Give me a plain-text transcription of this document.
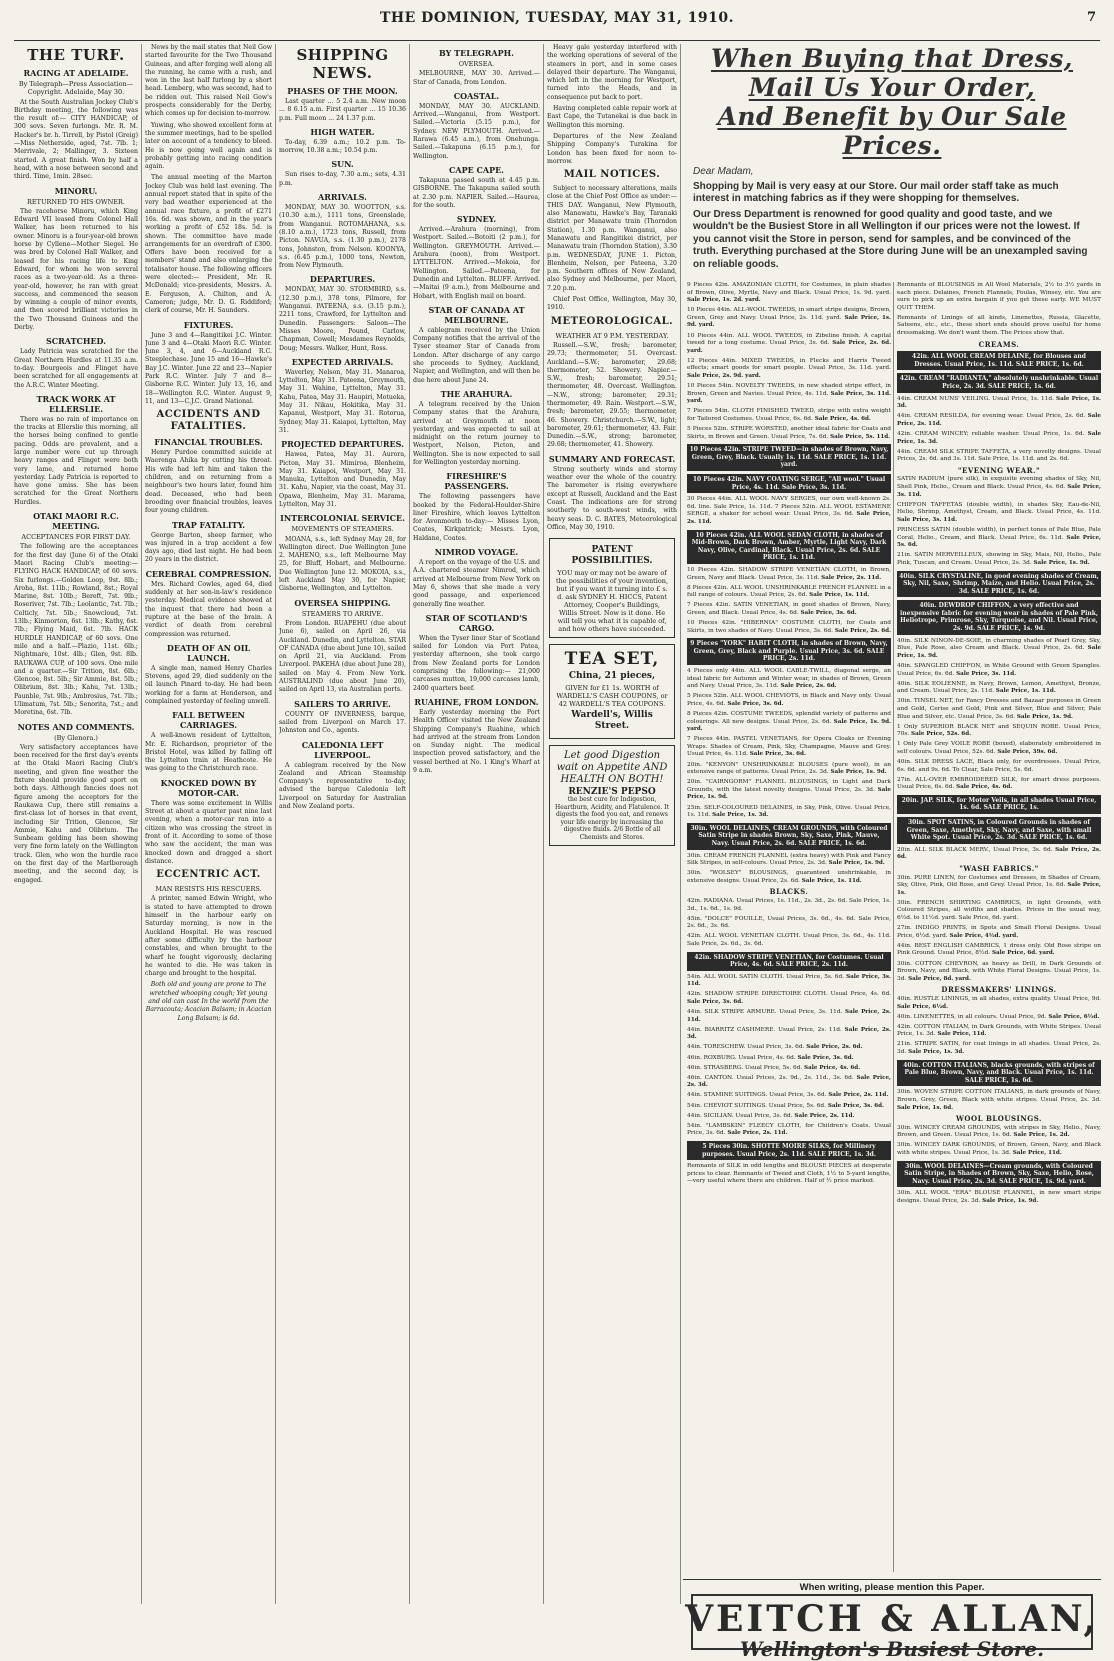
THE DOMINION, TUESDAY, MAY 31, 1910.	7
THE TURF.
RACING AT ADELAIDE.
By Telegraph—Press Association—Copyright. Adelaide, May 30.
At the South Australian Jockey Club's Birthday meeting, the following was the result of:— CITY HANDICAP, of 300 sovs. Seven furlongs. Mr. R. M. Hacker's br. h. Tirrell, by Pistol (Greig)—Miss Netherside, aged, 7st. 7lb. 1; Merrivale, 2; Mallinger, 3. Sixteen started. A great finish. Won by half a head, with a nose between second and third. Time, 1min. 28sec.
MINORU.
RETURNED TO HIS OWNER.
The racehorse Minoru, which King Edward VII leased from Colonel Hall Walker, has been returned to his owner. Minoru is a four-year-old brown horse by Cyllene—Mother Siegel. He was bred by Colonel Hall Walker, and leased for his racing life to King Edward, for whom he won several races as a two-year-old. As a three-year-old, however, he ran with great success, and commenced the season by winning a couple of minor events, and then scored brilliant victories in the Two Thousand Guineas and the Derby.
SCRATCHED.
Lady Patricia was scratched for the Great Northern Hurdles at 11.35 a.m. to-day. Bourgeois and Flinget have been scratched for all engagements at the A.R.C. Winter Meeting.
TRACK WORK AT ELLERSLIE.
There was no rain of importance on the tracks at Ellerslie this morning, all the horses being confined to gentle pacing. Odds are prevalent, and a large number were cut up through heavy ranges and Flinget were both very lame, and returned home yesterday. Lady Patricia is reported to have gone amiss. She has been scratched for the Great Northern Hurdles.
OTAKI MAORI R.C. MEETING.
ACCEPTANCES FOR FIRST DAY.
The following are the acceptances for the first day (June 6) of the Otaki Maori Racing Club's meeting:— FLYING HACK HANDICAP, of 60 sovs. Six furlongs.—Golden Loop, 9st. 8lb.; Aroha, 8st. 11lb.; Rowland, 8st.; Royal Marine, 8st. 10lb.; Bereft, 7st. 9lb.; Roseriver, 7st. 7lb.; Leolantic, 7st. 7lb.; Celticly, 7st. 5lb.; Snowcloud, 7st. 13lb.; Kinmorton, 6st. 13lb.; Kathy, 6st. 7lb.; Flying Maid, 6st. 7lb. HACK HURDLE HANDICAP, of 60 sovs. One mile and a half.—Plazio, 11st. 6lb.; Nightmare, 10st. 4lb.; Glen, 9st. 8lb. RAUKAWA CUP, of 100 sovs. One mile and a quarter.—Sir Trition, 8st. 6lb.; Glencoe, 8st. 5lb.; Sir Ammie, 8st. 5lb.; Olibrium, 8st. 3lb.; Kahu, 7st. 13lb.; Paunble, 7st. 9lb.; Ambrosius, 7st. 7lb.; Ulimatum, 7st. 5lb.; Senorita, 7st.; and Moretina, 6st. 7lb.
NOTES AND COMMENTS.
(By Glenora.)
Very satisfactory acceptances have been received for the first day's events at the Otaki Maori Racing Club's meeting, and given fine weather the fixture should provide good sport on both days. Although fancies does not figure among the acceptors for the Raukawa Cup, there still remains a first-class lot of horses in that event, including Sir Trition, Glencoe, Sir Ammie, Kahu and Olibrium. The Sunbeam gelding has been showing very fine form lately on the Wellington track. Glen, who won the hurdle race on the first day of the Marlborough meeting, and the second day, is engaged.
News by the mail states that Neil Gow started favourite for the Two Thousand Guineas, and after forging well along all the running, he came with a rush, and won in the last half furlong by a short head. Lemberg, who was second, had to be ridden out. This raised Neil Gow's prospects considerably for the Derby, which comes up for decision to-morrow.
Yuwing, who showed excellent form at the summer meetings, had to be spelled later on account of a tendency to bleed. He is now going well again and is probably getting into racing condition again.
The annual meeting of the Marton Jockey Club was held last evening. The annual report stated that in spite of the very bad weather experienced at the annual race fixture, a profit of £271 16s. 6d. was shown, and in the year's working a profit of £52 18s. 5d. is shown. The committee have made arrangements for an overdraft of £300. Offers have been received for a members' stand and also enlarging the totalisator house. The following officers were elected:— President, Mr. R. McDonald; vice-presidents, Messrs. A. E. Ferguson, A. Chilton, and A. Cameron; judge, Mr. D. G. Riddiford; clerk of course, Mr. H. Saunders.
FIXTURES.
June 3 and 4—Rangitikei J.C. Winter. June 3 and 4—Otaki Maori R.C. Winter. June 3, 4, and 6—Auckland R.C. Steeplechase. June 15 and 16—Hawke's Bay J.C. Winter. June 22 and 23—Napier Park R.C. Winter. July 7 and 8—Gisborne R.C. Winter. July 13, 16, and 18—Wellington R.C. Winter. August 9, 11, and 13—C.J.C. Grand National.
ACCIDENTS AND FATALITIES.
FINANCIAL TROUBLES.
Henry Purdoe committed suicide at Waerenga Ahika by cutting his throat. His wife had left him and taken the children, and on returning from a neighbour's two hours later, found him dead. Deceased, who had been brooding over financial troubles, leaves four young children.
TRAP FATALITY.
George Barton, sheep farmer, who was injured in a trap accident a few days ago, died last night. He had been 20 years in the district.
CEREBRAL COMPRESSION.
Mrs. Richard Cowles, aged 64, died suddenly at her son-in-law's residence yesterday. Medical evidence showed at the inquest that there had been a rupture at the base of the brain. A verdict of death from cerebral compression was returned.
DEATH OF AN OIL LAUNCH.
A single man, named Henry Charles Stevens, aged 29, died suddenly on the oil launch Pinard to-day. He had been working for a farm at Henderson, and complained yesterday of feeling unwell.
FALL BETWEEN CARRIAGES.
A well-known resident of Lyttelton, Mr. E. Richardson, proprietor of the Bristol Hotel, was killed by falling off the Lyttelton train at Heathcote. He was going to the Christchurch race.
KNOCKED DOWN BY MOTOR-CAR.
There was some excitement in Willis Street at about a quarter past nine last evening, when a motor-car ran into a citizen who was crossing the street in front of it. According to some of those who saw the accident, the man was knocked down and dragged a short distance.
ECCENTRIC ACT.
MAN RESISTS HIS RESCUERS.
A printer, named Edwin Wright, who is stated to have attempted to drown himself in the harbour early on Saturday morning, is now in the Auckland Hospital. He was rescued after some difficulty by the harbour constables, and when brought to the wharf he fought vigorously, declaring he wanted to die. He was taken in charge and brought to the hospital.
Both old and young are prone to The wretched whooping cough; Yet young and old can cast In the world from the Barracouta; Acacian Balsam; in Acacian Long Balsam; is 6d.
SHIPPING NEWS.
PHASES OF THE MOON.
Last quarter ... 5 2.4 a.m. New moon ... 8 6.15 a.m. First quarter ... 15 10.36 p.m. Full moon ... 24 1.37 p.m.
HIGH WATER.
To-day, 6.39 a.m.; 10.2 p.m. To-morrow, 10.38 a.m.; 10.54 p.m.
SUN.
Sun rises to-day, 7.30 a.m.; sets, 4.31 p.m.
ARRIVALS.
MONDAY, MAY 30. WOOTTON, s.s. (10.30 a.m.), 1111 tons, Greenslade, from Wanganui. ROTOMAHANA, s.s. (8.10 a.m.), 1723 tons, Russell, from Picton. NAVUA, s.s. (1.30 p.m.), 2178 tons, Johnston, from Nelson. KOONYA, s.s. (6.45 p.m.), 1000 tons, Newton, from New Plymouth.
DEPARTURES.
MONDAY, MAY 30. STORMBIRD, s.s. (12.30 p.m.), 378 tons, Pilmore, for Wanganui. PATEENA, s.s. (3.15 p.m.), 2211 tons, Crawford, for Lyttelton and Dunedin. Passengers: Saloon—The Misses Moore, Pound, Carlow, Chapman, Cowell; Mesdames Reynolds, Doug; Messrs. Walker, Hunt, Ross.
EXPECTED ARRIVALS.
Waverley, Nelson, May 31. Manaroa, Lyttelton, May 31. Pateena, Greymouth, May 31. Wahine, Lyttelton, May 31. Kahu, Patea, May 31. Haupiri, Motueka, May 31. Nikau, Hokitika, May 31. Kapanui, Westport, May 31. Rotorua, Sydney, May 31. Kaiapoi, Lyttelton, May 31.
PROJECTED DEPARTURES.
Hawea, Patea, May 31. Aurora, Picton, May 31. Mimiroa, Blenheim, May 31. Kaiapoi, Westport, May 31. Manuka, Lyttelton and Dunedin, May 31. Kahu, Napier, via the coast, May 31. Opawa, Blenheim, May 31. Marama, Lyttelton, May 31.
INTERCOLONIAL SERVICE.
MOVEMENTS OF STEAMERS.
MOANA, s.s., left Sydney May 28, for Wellington direct. Due Wellington June 2. MAHENO, s.s., left Melbourne May 25, for Bluff, Hobart, and Melbourne. Due Wellington June 12. MOKOIA, s.s., left Auckland May 30, for Napier, Gisborne, Wellington, and Lyttelton.
OVERSEA SHIPPING.
STEAMERS TO ARRIVE.
From London. RUAPEHU (due about June 6), sailed on April 26, via Auckland. Dunedin, and Lyttelton. STAR OF CANADA (due about June 10), sailed on April 21, via Auckland. From Liverpool. PAKEHA (due about June 28), sailed on May 4. From New York. AUSTRALIND (due about June 20), sailed on April 13, via Australian ports.
SAILERS TO ARRIVE.
COUNTY OF INVERNESS, barque, sailed from Liverpool on March 17. Johnston and Co., agents.
CALEDONIA LEFT LIVERPOOL.
A cablegram received by the New Zealand and African Steamship Company's representative to-day, advised the barque Caledonia left Liverpool on Saturday for Australian and New Zealand ports.
BY TELEGRAPH.
OVERSEA.
MELBOURNE, MAY 30. Arrived.—Star of Canada, from London.
COASTAL.
MONDAY, MAY 30. AUCKLAND. Arrived.—Wanganui, from Westport. Sailed.—Victoria (5.15 p.m.), for Sydney. NEW PLYMOUTH. Arrived.—Rarawa (6.45 a.m.), from Onehunga. Sailed.—Takapuna (6.15 p.m.), for Wellington.
CAPE CAPE.
Takapuna passed south at 4.45 p.m. GISBORNE. The Takapuna sailed south at 2.30 p.m. NAPIER. Sailed.—Haurea, for the south.
SYDNEY.
Arrived.—Arahura (morning), from Westport. Sailed.—Botoiti (2 p.m.), for Wellington. GREYMOUTH. Arrived.—Arahura (noon), from Westport. LYTTELTON. Arrived.—Mokoia, for Wellington. Sailed.—Pateena, for Dunedin and Lyttelton. BLUFF. Arrived.—Maitai (9 a.m.), from Melbourne and Hobart, with English mail on board.
STAR OF CANADA AT MELBOURNE.
A cablegram received by the Union Company notifies that the arrival of the Tyser steamer Star of Canada from London. After discharge of any cargo she proceeds to Sydney, Auckland, Napier, and Wellington, and will then be due here about June 24.
THE ARAHURA.
A telegram received by the Union Company states that the Arahura, arrived at Greymouth at noon yesterday, and was expected to sail at midnight on the return journey to Westport, Nelson, Picton, and Wellington. She is now expected to sail for Wellington yesterday morning.
FIRESHIRE'S PASSENGERS.
The following passengers have booked by the Federal-Houlder-Shire liner Fireshire, which leaves Lyttelton for Avonmouth to-day:— Misses Lyon, Coates, Kirkpatrick; Messrs. Lyon, Haldane, Coates.
NIMROD VOYAGE.
A report on the voyage of the U.S. and A.A. chartered steamer Nimrod, which arrived at Melbourne from New York on May 6, shows that she made a very good passage, and experienced generally fine weather.
STAR OF SCOTLAND'S CARGO.
When the Tyser liner Star of Scotland sailed for London via Port Patea, yesterday afternoon, she took cargo from New Zealand ports for London comprising the following:— 21,000 carcases mutton, 19,000 carcases lamb, 2400 quarters beef.
RUAHINE, FROM LONDON.
Early yesterday morning the Port Health Officer visited the New Zealand Shipping Company's Ruahine, which had arrived at the stream from London on Sunday night. The medical inspection proved satisfactory, and the vessel berthed at No. 1 King's Wharf at 9 a.m.
Heavy gale yesterday interfered with the working operations of several of the steamers in port, and in some cases delayed their departure. The Wanganui, which left in the morning for Westport, turned into the Heads, and in consequence put back to port.
Having completed cable repair work at East Cape, the Tutanekai is due back in Wellington this morning.
Departures of the New Zealand Shipping Company's Turakina for London has been fixed for noon to-morrow.
MAIL NOTICES.
Subject to necessary alterations, mails close at the Chief Post Office as under:— THIS DAY. Wanganui, New Plymouth, also Manawatu, Hawke's Bay, Taranaki district per Manawatu train (Thorndon Station), 1.30 p.m. Wanganui, also Manawatu and Rangitikei district, per Manawatu train (Thorndon Station), 3.30 p.m. WEDNESDAY, JUNE 1. Picton, Blenheim, Nelson, per Pateena, 3.20 p.m. Southern offices of New Zealand, also Sydney and Melbourne, per Maori, 7.20 p.m.
Chief Post Office, Wellington, May 30, 1910.
METEOROLOGICAL.
WEATHER AT 9 P.M. YESTERDAY.
Russell.—S.W., fresh; barometer, 29.73; thermometer, 51. Overcast. Auckland.—S.W.; barometer, 29.68; thermometer, 52. Showery. Napier.—S.W., fresh; barometer, 29.51; thermometer, 48. Overcast. Wellington.—N.W., strong; barometer, 29.31; thermometer, 49. Rain. Westport.—S.W., fresh; barometer, 29.55; thermometer, 46. Showery. Christchurch.—S.W., light; barometer, 29.61; thermometer, 43. Fair. Dunedin.—S.W., strong; barometer, 29.68; thermometer, 41. Showery.
SUMMARY AND FORECAST.
Strong southerly winds and stormy weather over the whole of the country. The barometer is rising everywhere except at Russell, Auckland and the East Coast. The indications are for strong southerly to south-west winds, with heavy seas. D. C. BATES, Meteorological Office, May 30, 1910.
PATENT POSSIBILITIES.
YOU may or may not be aware of the possibilities of your invention, but if you want it turning into £ s. d. ask SYDNEY H. HICCS, Patent Attorney, Cooper's Buildings, Willis Street. Now is it done. He will tell you what it is capable of, and how others have succeeded.
TEA SET,
China, 21 pieces,
GIVEN for £1 1s. WORTH of WARDELL'S CASH COUPONS, or 42 WARDELL'S TEA COUPONS.
Wardell's, Willis Street.
Let good Digestion wait on Appetite AND HEALTH ON BOTH!
RENZIE'S PEPSO
the best cure for Indigestion, Heartburn, Acidity, and Flatulence. It digests the food you eat, and renews your life energy by increasing the digestive fluids. 2/6 Bottle of all Chemists and Stores.
When Buying that Dress,
Mail Us Your Order,
And Benefit by Our Sale Prices.

Dear Madam,

Shopping by Mail is very easy at our Store. Our mail order staff take as much interest in matching fabrics as if they were shopping for themselves.

Our Dress Department is renowned for good quality and good taste, and we wouldn't be the Busiest Store in all Wellington if our prices were not the lowest. If you cannot visit the Store in person, send for samples, and be convinced of the truth. Everything purchased at the Store during June will be an unexampled saving on reliable goods.

9 Pieces 42in. AMAZONIAN CLOTH, for Costumes, in plain shades of Brown, Olive, Myrtle, Navy and Black. Usual Price, 1s. 9d. yard. Sale Price, 1s. 2d. yard.
10 Pieces 44in. ALL-WOOL TWEEDS, in smart stripe designs, Brown, Green, Grey and Navy. Usual Price, 2s. 11d. yard. Sale Price, 1s. 9d. yard.
10 Pieces 44in. ALL WOOL TWEEDS, in Zibeline finish. A capital tweed for a long costume. Usual Price, 3s. 6d. Sale Price, 2s. 6d. yard.
12 Pieces 44in. MIXED TWEEDS, in Flecks and Harris Tweed effects; smart goods for smart people. Usual Price, 3s. 11d. yard. Sale Price, 2s. 9d. yard.
10 Pieces 54in. NOVELTY TWEEDS, in new shaded stripe effect, in Brown, Green and Navies. Usual Price, 4s. 11d. Sale Price, 3s. 11d. yard.
7 Pieces 54in. CLOTH FINISHED TWEED, stripe with extra weight for Tailored Costumes. Usual Price, 6s. 6d. Sale Price, 4s. 6d.
5 Pieces 52in. STRIPE WORSTED, another ideal fabric for Coats and Skirts, in Brown and Green. Usual Price, 7s. 6d. Sale Price, 5s. 11d.
10 Pieces 42in. STRIPE TWEED—in shades of Brown, Navy, Green, Grey, Black. Usually 1s. 11d. SALE PRICE, 1s. 11d. yard.
10 Pieces 42in. NAVY COATING SERGE, "All wool." Usual Price, 4s. 11d. Sale Price, 3s. 11d.
30 Pieces 44in. ALL WOOL NAVY SERGES, our own well-known 2s. 6d. line. Sale Price, 1s. 11d. 7 Pieces 52in. ALL WOOL ESTAMENE SERGE, a shaker for school wear. Usual Price, 3s. 6d. Sale Price, 2s. 11d.
10 Pieces 42in. ALL WOOL SEDAN CLOTH, in shades of Mid-Brown, Dark Brown, Amber, Myrtle, Light Navy, Dark Navy, Olive, Cardinal, Black. Usual Price, 2s. 6d. SALE PRICE, 1s. 11d.
10 Pieces 42in. SHADOW STRIPE VENETIAN CLOTH, in Brown, Green, Navy and Black. Usual Price, 3s. 11d. Sale Price, 2s. 11d.
8 Pieces 42in. ALL WOOL UNSHRINKABLE FRENCH FLANNEL in a full range of colours. Usual Price, 2s. 6d. Sale Price, 1s. 11d.
7 Pieces 42in. SATIN VENETIAN, in good shades of Brown, Navy, Green, and Black. Usual Price, 4s. 6d. Sale Price, 3s. 6d.
10 Pieces 42in. "HIBERNIA" COSTUME CLOTH, for Coats and Skirts, in two shades of Navy. Usual Price, 3s. 6d. Sale Price, 2s. 6d.
9 Pieces "YORK" HABIT CLOTH, in shades of Brown, Navy, Green, Grey, Black and Purple. Usual Price, 3s. 6d. SALE PRICE, 2s. 11d.
4 Pieces only 44in. ALL WOOL CABLE-TWILL, diagonal serge, an ideal fabric for Autumn and Winter wear, in shades of Brown, Green and Navy. Usual Price, 3s. 11d. Sale Price, 2s. 6d.
5 Pieces 52in. ALL WOOL CHEVIOTS, in Black and Navy only. Usual Price, 4s. 6d. Sale Price, 3s. 6d.
8 Pieces 42in. COSTUME TWEEDS, splendid variety of patterns and colourings. All new designs. Usual Price, 2s. 6d. Sale Price, 1s. 9d. yard.
7 Pieces 44in. PASTEL VENETIANS, for Opera Cloaks or Evening Wraps. Shades of Cream, Pink, Sky, Champagne, Mauve and Grey. Usual Price, 4s. 11d. Sale Price, 3s. 6d.
20in. "KENYON" UNSHRINKABLE BLOUSES (pure wool), in an extensive range of patterns. Usual Price, 2s. 3d. Sale Price, 1s. 9d.
20in. "CAIRNGORM" FLANNEL BLOUSINGS, in Light and Dark Grounds, with the latest novelty designs. Usual Price, 2s. 3d. Sale Price, 1s. 9d.
25in. SELF-COLOURED DELAINES, in Sky, Pink, Olive. Usual Price, 1s. 11d. Sale Price, 1s. 3d.
30in. WOOL DELAINES, CREAM GROUNDS, with Coloured Satin Stripe in shades Brown, Sky, Saxe, Pink, Mauve, Navy. Usual Price, 2s. 6d. SALE PRICE, 1s. 6d.
30in. CREAM FRENCH FLANNEL (extra heavy) with Pink and Fancy Silk Stripes, in self-colours. Usual Price, 2s. 3d. Sale Price, 1s. 9d.
30in. "WOLSEY" BLOUSINGS, guaranteed unshrinkable, in extensive designs. Usual Price, 2s. 6d. Sale Price, 1s. 11d.
BLACKS.
42in. RADIANA. Usual Prices, 1s. 11d., 2s. 3d., 2s. 6d. Sale Price, 1s. 3d., 1s. 6d., 1s. 9d.
45in. "DOLCE" FOUILLE, Usual Prices, 3s. 6d., 4s. 6d. Sale Price, 2s. 6d., 3s. 6d.
42in. ALL WOOL VENETIAN CLOTH. Usual Price, 3s. 6d., 4s. 11d. Sale Price, 2s. 6d., 3s. 6d.
42in. SHADOW STRIPE VENETIAN, for Costumes. Usual Price, 4s. 6d. SALE PRICE, 2s. 11d.
54in. ALL WOOL SATIN CLOTH. Usual Price, 5s. 6d. Sale Price, 3s. 11d.
42in. SHADOW STRIPE DIRECTOIRE CLOTH. Usual Price, 4s. 6d. Sale Price, 3s. 6d.
44in. SILK STRIPE ARMURE. Usual Price, 3s. 11d. Sale Price, 2s. 11d.
44in. BIARRITZ CASHMERE. Usual Price, 2s. 11d. Sale Price, 2s. 3d.
44in. TORESCHEW. Usual Price, 3s. 6d. Sale Price, 2s. 6d.
46in. ROXBURG. Usual Price, 4s. 6d. Sale Price, 3s. 6d.
46in. STRASBERG. Usual Price, 5s. 6d. Sale Price, 4s. 6d.
46in. CANTON. Usual Prices, 2s. 9d., 2s. 11d., 3s. 6d. Sale Price, 2s. 3d.
44in. STAMINE SUITINGS. Usual Price, 3s. 6d. Sale Price, 2s. 11d.
54in. CHEVIOT SUITINGS. Usual Price, 5s. 6d. Sale Price, 3s. 6d.
44in. SICILIAN. Usual Price, 3s. 6d. Sale Price, 2s. 11d.
54in. "LAMBSKIN" FLEECY CLOTH, for Children's Coats. Usual Price, 3s. 6d. Sale Price, 2s. 11d.
5 Pieces 30in. SHOTTE MOIRE SILKS, for Millinery purposes. Usual Price, 2s. 11d. SALE PRICE, 1s. 3d.
Remnants of SILK in odd lengths and BLOUSE PIECES at desperate prices to clear. Remnants of Tweed and Cloth, 1½ to 5-yard lengths, —very useful where there are children. Half of ½ price marked.
Remnants of BLOUSINGS in All Wool Materials, 2½ to 3½ yards in each piece. Delaines, French Flannels, Foulas, Winsey, etc. You are sure to pick up an extra bargain if you get these early. WE MUST QUIT THEM.
Remnants of Linings of all kinds, Linenettes, Russia, Glacette, Sateens, etc., etc., these short ends should prove useful for home dressmaking. We don't want them. The Prices show that.
CREAMS.
42in. ALL WOOL CREAM DELAINE, for Blouses and Dresses. Usual Price, 1s. 11d. SALE PRICE, 1s. 6d.
42in. CREAM "RADIANTA," absolutely unshrinkable. Usual Price, 2s. 3d. SALE PRICE, 1s. 6d.
44in. CREAM NUNS' VEILING. Usual Price, 1s. 11d. Sale Price, 1s. 3d.
44in. CREAM RESILDA, for evening wear. Usual Price, 2s. 6d. Sale Price, 2s. 11d.
42in. CREAM WINCEY; reliable washer. Usual Price, 1s. 6d. Sale Price, 1s. 3d.
44in. CREAM SILK STRIPE TAFFETA, a very novelty designs. Usual Prices, 2s. 6d. and 3s. 11d. Sale Price, 1s. 11d. and 2s. 6d.
"EVENING WEAR."
SATIN RADIUM (pure silk), in exquisite evening shades of Sky, Nil, Shell Pink, Helio., Cream and Black. Usual Price, 4s. 6d. Sale Price, 3s. 11d.
CHIFFON TAFFETAS (double width), in shades Sky, Eau-de-Nil, Helio, Shrimp, Amethyst, Cream, and Black. Usual Price, 4s. 11d. Sale Price, 3s. 11d.
PRINCESS SATIN (double width), in perfect tones of Pale Blue, Pale Coral, Helio., Cream, and Black. Usual Price, 6s. 11d. Sale Price, 5s. 6d.
21in. SATIN MERVEILLEUX, showing in Sky, Mais, Nil, Helio., Pale Pink, Tuscan, and Cream. Usual Price, 2s. 3d. Sale Price, 1s. 9d.
40in. SILK CRYSTALINE, in good evening shades of Cream, Sky, Nil, Saxe, Shrimp, Maize, and Helio. Usual Price, 2s. 3d. SALE PRICE, 1s. 6d.
40in. DEWDROP CHIFFON, a very effective and inexpensive fabric for evening wear in shades of Pale Pink, Heliotrope, Primrose, Sky, Turquoise, and Nil. Usual Price, 2s. 9d. SALE PRICE, 1s. 9d.
40in. SILK NINON-DE-SOIE, in charming shades of Pearl Grey, Sky, Blue, Pale Rose, also Cream and Black. Usual Price, 2s. 6d. Sale Price, 1s. 9d.
40in. SPANGLED CHIFFON, in White Ground with Green Spangles. Usual Price, 6s. 6d. Sale Price, 3s. 11d.
40in. SILK EOLIENNE, in Navy, Brown, Lemon, Amethyst, Bronze, and Cream. Usual Price, 2s. 11d. Sale Price, 1s. 11d.
30in. TINSEL NET, for Fancy Dresses and Bazaar purposes in Green and Gold, Cerise and Gold, Pink and Silver, Blue and Silver, Pale Blue and Silver, etc. Usual Price, 3s. 6d. Sale Price, 1s. 9d.
1 Only SUPERIOR BLACK NET and SEQUIN ROBE. Usual Price, 70s. Sale Price, 52s. 6d.
1 Only Pale Grey VOILE ROBE (boxed), elaborately embroidered in self colours. Usual Price, 52s. 6d. Sale Price, 39s. 6d.
40in. SILK DRESS LACE, Black only, for overdresses. Usual Price, 6s. 6d. and 9s. 6d. To Clear, Sale Price, 5s. 6d.
27in. ALL-OVER EMBROIDERED SILK, for smart dress purposes. Usual Price, 6s. 6d. Sale Price, 4s. 6d.
20in. JAP. SILK, for Motor Veils, in all shades Usual Price, 1s. 6d. SALE PRICE, 1s.
30in. SPOT SATINS, in Coloured Grounds in shades of Green, Saxe, Amethyst, Sky, Navy, and Saxe, with small White Spot. Usual Price, 2s. 3d. SALE PRICE, 1s. 6d.
20in. ALL SILK BLACK MERV., Usual Price, 3s. 6d. Sale Price, 2s. 6d.
"WASH FABRICS."
30in. PURE LINEN, for Costumes and Dresses, in Shades of Cream, Sky, Olive, Pink, Old Rose, and Grey. Usual Price, 1s. 6d. Sale Price, 1s.
30in. FRENCH SHIRTING CAMBRICS, in light Grounds, with Coloured Stripes, all widths and shades. Prices in the usual way, 6½d. to 11½d. yard. Sale Price, 6d. yard.
27in. INDIGO PRINTS, in Spots and Small Floral Designs. Usual Price, 6½d. yard. Sale Price, 4½d. yard.
44in. BEST ENGLISH CAMBRICS, 1 dress only. Old Rose stripe on Pink Ground. Usual Price, 8½d. Sale Price, 6d. yard.
30in. COTTON CHEVRON, as heavy as Drill, in Dark Grounds of Brown, Navy, and Black, with White Floral Designs. Usual Price, 1s. 3d. Sale Price, 8d. yard.
DRESSMAKERS' LININGS.
40in. RUSTLE LININGS, in all shades, extra quality. Usual Price, 9d. Sale Price, 6½d.
40in. LINENETTES, in all colours. Usual Price, 9d. Sale Price, 6½d.
42in. COTTON ITALIAN, in Dark Grounds, with White Stripes. Usual Price, 1s. 3d. Sale Price, 11d.
21in. STRIPE SATIN, for coat linings in all shades. Usual Price, 2s. 3d. Sale Price, 1s. 3d.
40in. COTTON ITALIANS, blacks grounds, with stripes of Pale Blue, Brown, Navy, and Black. Usual Price, 1s. 11d. SALE PRICE, 1s. 6d.
30in. WOVEN STRIPE COTTON ITALIANS, in dark grounds of Navy, Brown, Grey, Green, Black with white stripes. Usual Price, 2s. 3d. Sale Price, 1s. 6d.
WOOL BLOUSINGS.
30in. WINCEY CREAM GROUNDS, with stripes in Sky, Helio., Navy, Brown, and Green. Usual Price, 1s. 6d. Sale Price, 1s. 2d.
30in. WINCEY DARK GROUNDS, of Brown, Green, Navy, and Black with white stripes. Usual Price, 1s. 3d. Sale Price, 11d.
30in. WOOL DELAINES—Cream grounds, with Coloured Satin Stripe, in Shades of Brown, Sky, Saxe, Helio, Rose, Navy. Usual Price, 2s. 3d. SALE PRICE, 1s. 9d. yard.
30in. ALL WOOL "ERA" BLOUSE FLANNEL, in new smart stripe designs. Usual Price, 2s. 3d. Sale Price, 1s. 9d.
When writing, please mention this Paper.
VEITCH & ALLAN,
Wellington's Busiest Store.
